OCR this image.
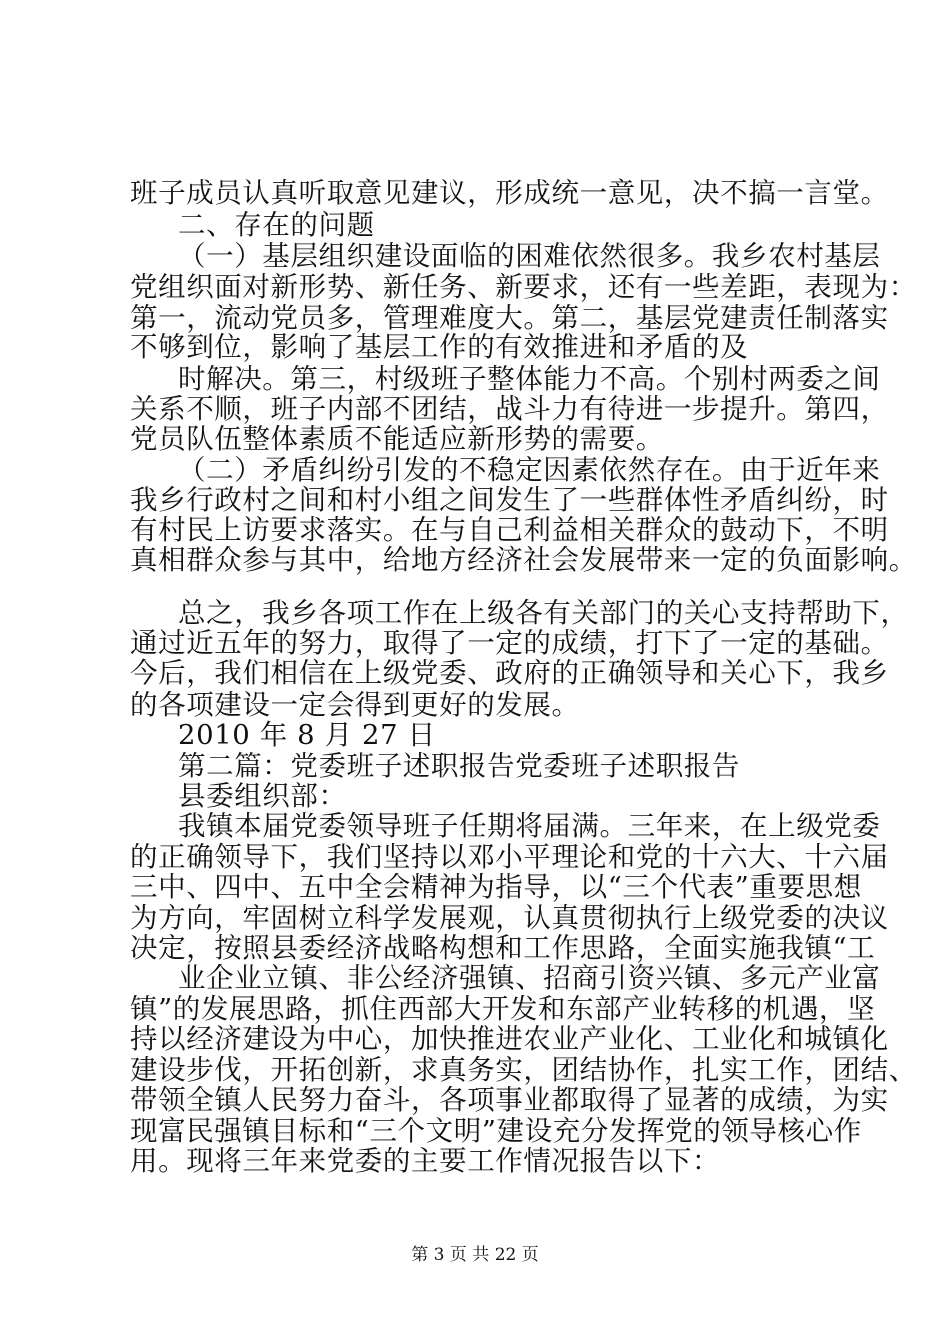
班子成员认真听取意见建议，形成统一意见，决不搞一言堂。
二、存在的问题
（一）基层组织建设面临的困难依然很多。我乡农村基层
党组织面对新形势、新任务、新要求，还有一些差距，表现为：
第一，流动党员多，管理难度大。第二，基层党建责任制落实
不够到位，影响了基层工作的有效推进和矛盾的及
时解决。第三，村级班子整体能力不高。个别村两委之间
关系不顺，班子内部不团结，战斗力有待进一步提升。第四，
党员队伍整体素质不能适应新形势的需要。
（二）矛盾纠纷引发的不稳定因素依然存在。由于近年来
我乡行政村之间和村小组之间发生了一些群体性矛盾纠纷，时
有村民上访要求落实。在与自己利益相关群众的鼓动下，不明
真相群众参与其中，给地方经济社会发展带来一定的负面影响。
总之，我乡各项工作在上级各有关部门的关心支持帮助下，
通过近五年的努力，取得了一定的成绩，打下了一定的基础。
今后，我们相信在上级党委、政府的正确领导和关心下，我乡
的各项建设一定会得到更好的发展。
2010 年 8 月 27 日
第二篇：党委班子述职报告党委班子述职报告
县委组织部：
我镇本届党委领导班子任期将届满。三年来，在上级党委
的正确领导下，我们坚持以邓小平理论和党的十六大、十六届
三中、四中、五中全会精神为指导，以“三个代表”重要思想
为方向，牢固树立科学发展观，认真贯彻执行上级党委的决议
决定，按照县委经济战略构想和工作思路，全面实施我镇“工
业企业立镇、非公经济强镇、招商引资兴镇、多元产业富
镇”的发展思路，抓住西部大开发和东部产业转移的机遇，坚
持以经济建设为中心，加快推进农业产业化、工业化和城镇化
建设步伐，开拓创新，求真务实，团结协作，扎实工作，团结、
带领全镇人民努力奋斗，各项事业都取得了显著的成绩，为实
现富民强镇目标和“三个文明”建设充分发挥党的领导核心作
用。现将三年来党委的主要工作情况报告以下：
第 3 页 共 22 页
